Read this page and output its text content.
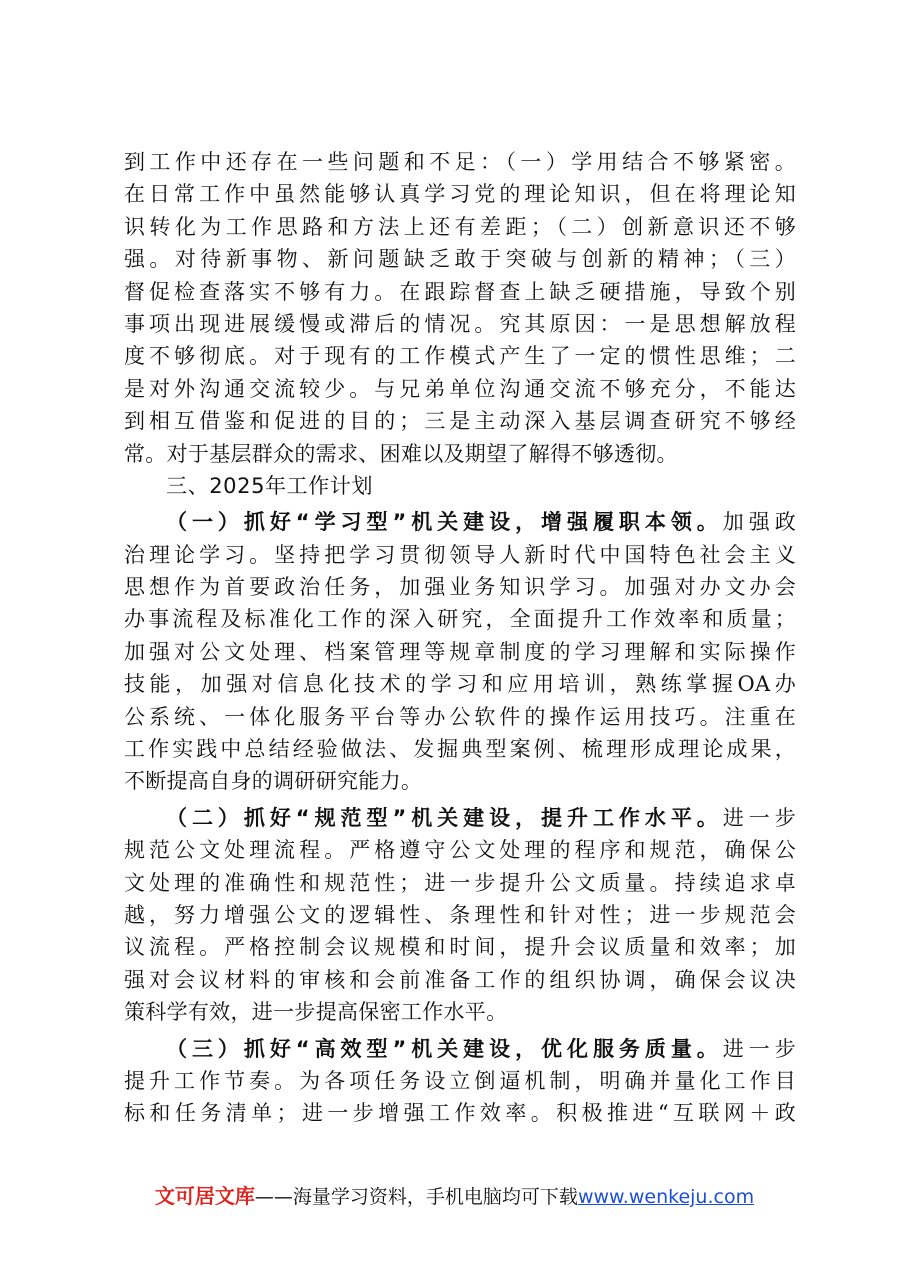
到工作中还存在一些问题和不足：（一）学用结合不够紧密。
在日常工作中虽然能够认真学习党的理论知识，但在将理论知
识转化为工作思路和方法上还有差距；（二）创新意识还不够
强。对待新事物、新问题缺乏敢于突破与创新的精神；（三）
督促检查落实不够有力。在跟踪督查上缺乏硬措施，导致个别
事项出现进展缓慢或滞后的情况。究其原因：一是思想解放程
度不够彻底。对于现有的工作模式产生了一定的惯性思维；二
是对外沟通交流较少。与兄弟单位沟通交流不够充分，不能达
到相互借鉴和促进的目的；三是主动深入基层调查研究不够经
常。对于基层群众的需求、困难以及期望了解得不够透彻。
三、2025年工作计划
（一）抓好“学习型”机关建设，增强履职本领。加强政
治理论学习。坚持把学习贯彻领导人新时代中国特色社会主义
思想作为首要政治任务，加强业务知识学习。加强对办文办会
办事流程及标准化工作的深入研究，全面提升工作效率和质量；
加强对公文处理、档案管理等规章制度的学习理解和实际操作
技能，加强对信息化技术的学习和应用培训，熟练掌握OA办
公系统、一体化服务平台等办公软件的操作运用技巧。注重在
工作实践中总结经验做法、发掘典型案例、梳理形成理论成果，
不断提高自身的调研研究能力。
（二）抓好“规范型”机关建设，提升工作水平。进一步
规范公文处理流程。严格遵守公文处理的程序和规范，确保公
文处理的准确性和规范性；进一步提升公文质量。持续追求卓
越，努力增强公文的逻辑性、条理性和针对性；进一步规范会
议流程。严格控制会议规模和时间，提升会议质量和效率；加
强对会议材料的审核和会前准备工作的组织协调，确保会议决
策科学有效，进一步提高保密工作水平。
（三）抓好“高效型”机关建设，优化服务质量。进一步
提升工作节奏。为各项任务设立倒逼机制，明确并量化工作目
标和任务清单；进一步增强工作效率。积极推进“互联网＋政
文可居文库——海量学习资料，手机电脑均可下载www.wenkeju.com
